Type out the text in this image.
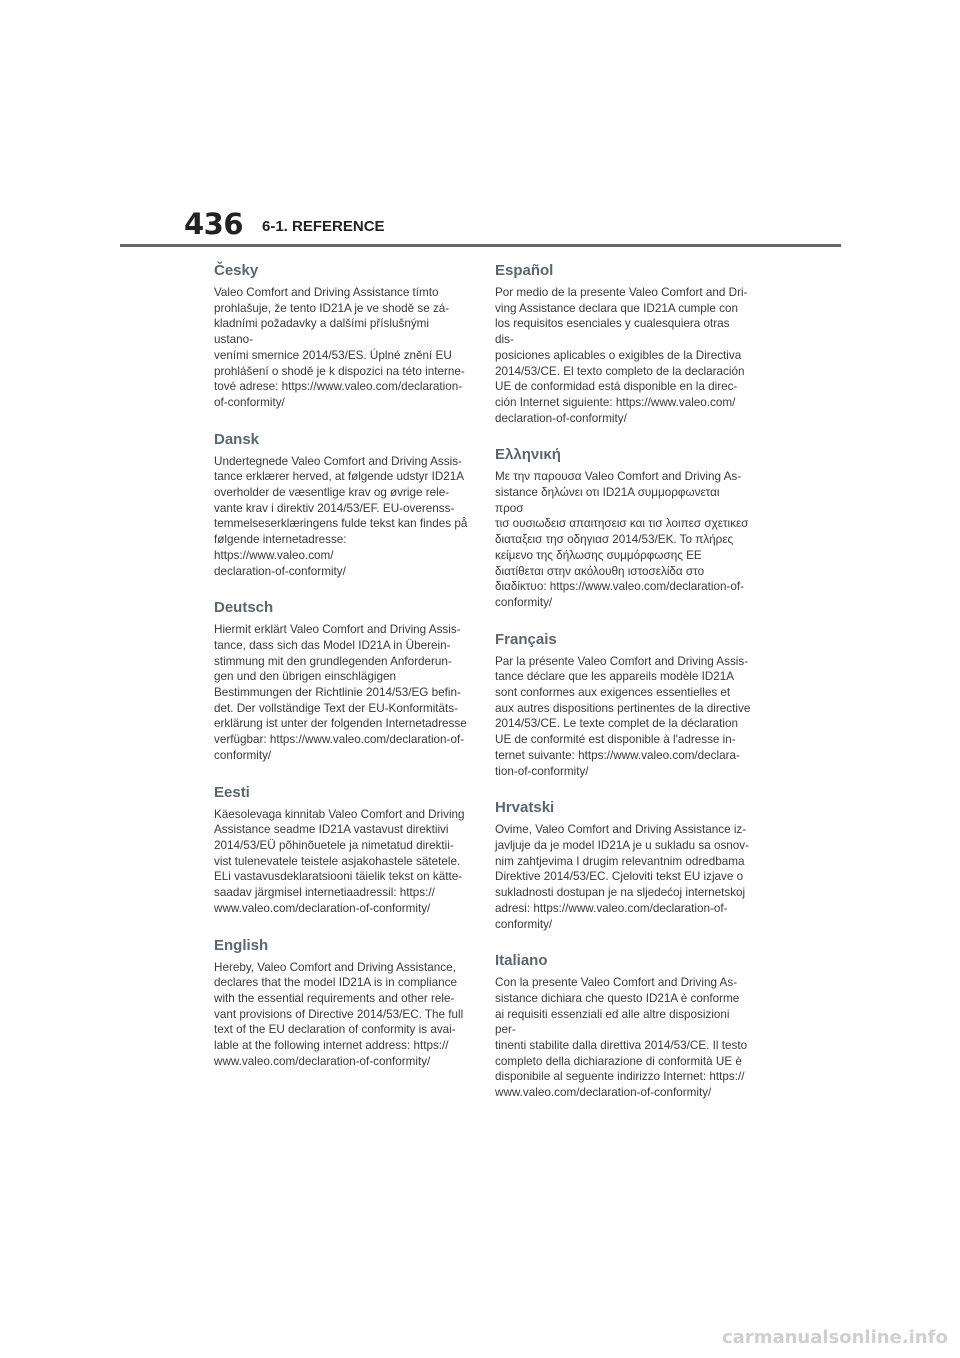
436 6-1. REFERENCE
Česky

Valeo Comfort and Driving Assistance tímto
prohlašuje, že tento ID21A je ve shodě se zá-
kladními požadavky a dalšími příslušnými ustano-
veními smernice 2014/53/ES. Úplné znění EU
prohlášení o shodě je k dispozici na této interne-
tové adrese: https://www.valeo.com/declaration-
of-conformity/

Dansk

Undertegnede Valeo Comfort and Driving Assis-
tance erklærer herved, at følgende udstyr ID21A
overholder de væsentlige krav og øvrige rele-
vante krav i direktiv 2014/53/EF. EU-overenss-
temmelseserklæringens fulde tekst kan findes på
følgende internetadresse: https://www.valeo.com/
declaration-of-conformity/

Deutsch

Hiermit erklärt Valeo Comfort and Driving Assis-
tance, dass sich das Model ID21A in Überein-
stimmung mit den grundlegenden Anforderun-
gen und den übrigen einschlägigen
Bestimmungen der Richtlinie 2014/53/EG befin-
det. Der vollständige Text der EU-Konformitäts-
erklärung ist unter der folgenden Internetadresse
verfügbar: https://www.valeo.com/declaration-of-
conformity/

Eesti

Käesolevaga kinnitab Valeo Comfort and Driving
Assistance seadme ID21A vastavust direktiivi
2014/53/EÜ põhinõuetele ja nimetatud direktii-
vist tulenevatele teistele asjakohastele sätetele.
ELi vastavusdeklaratsiooni täielik tekst on kätte-
saadav järgmisel internetiaadressil: https://
www.valeo.com/declaration-of-conformity/

English

Hereby, Valeo Comfort and Driving Assistance,
declares that the model ID21A is in compliance
with the essential requirements and other rele-
vant provisions of Directive 2014/53/EC. The full
text of the EU declaration of conformity is avai-
lable at the following internet address: https://
www.valeo.com/declaration-of-conformity/

Español

Por medio de la presente Valeo Comfort and Dri-
ving Assistance declara que ID21A cumple con
los requisitos esenciales y cualesquiera otras dis-
posiciones aplicables o exigibles de la Directiva
2014/53/CE. El texto completo de la declaración
UE de conformidad está disponible en la direc-
ción Internet siguiente: https://www.valeo.com/
declaration-of-conformity/

Ελληνική

Με την παρουσα Valeo Comfort and Driving As-
sistance δηλώνει οτι ID21A συμμορφωνεται προσ
τισ ουσιωδεισ απαιτησεισ και τισ λοιπεσ σχετικεσ
διαταξεισ τησ οδηγιασ 2014/53/ΕΚ. Το πλήρες
κείμενο της δήλωσης συμμόρφωσης ΕΕ
διατίθεται στην ακόλουθη ιστοσελίδα στο
διαδίκτυο: https://www.valeo.com/declaration-of-
conformity/

Français

Par la présente Valeo Comfort and Driving Assis-
tance déclare que les appareils modèle ID21A
sont conformes aux exigences essentielles et
aux autres dispositions pertinentes de la directive
2014/53/CE. Le texte complet de la déclaration
UE de conformité est disponible à l'adresse in-
ternet suivante: https://www.valeo.com/declara-
tion-of-conformity/

Hrvatski

Ovime, Valeo Comfort and Driving Assistance iz-
javljuje da je model ID21A je u sukladu sa osnov-
nim zahtjevima I drugim relevantnim odredbama
Direktive 2014/53/EC. Cjeloviti tekst EU izjave o
sukladnosti dostupan je na sljedećoj internetskoj
adresi: https://www.valeo.com/declaration-of-
conformity/

Italiano

Con la presente Valeo Comfort and Driving As-
sistance dichiara che questo ID21A è conforme
ai requisiti essenziali ed alle altre disposizioni per-
tinenti stabilite dalla direttiva 2014/53/CE. Il testo
completo della dichiarazione di conformità UE è
disponibile al seguente indirizzo Internet: https://
www.valeo.com/declaration-of-conformity/

carmanualsonline.info
